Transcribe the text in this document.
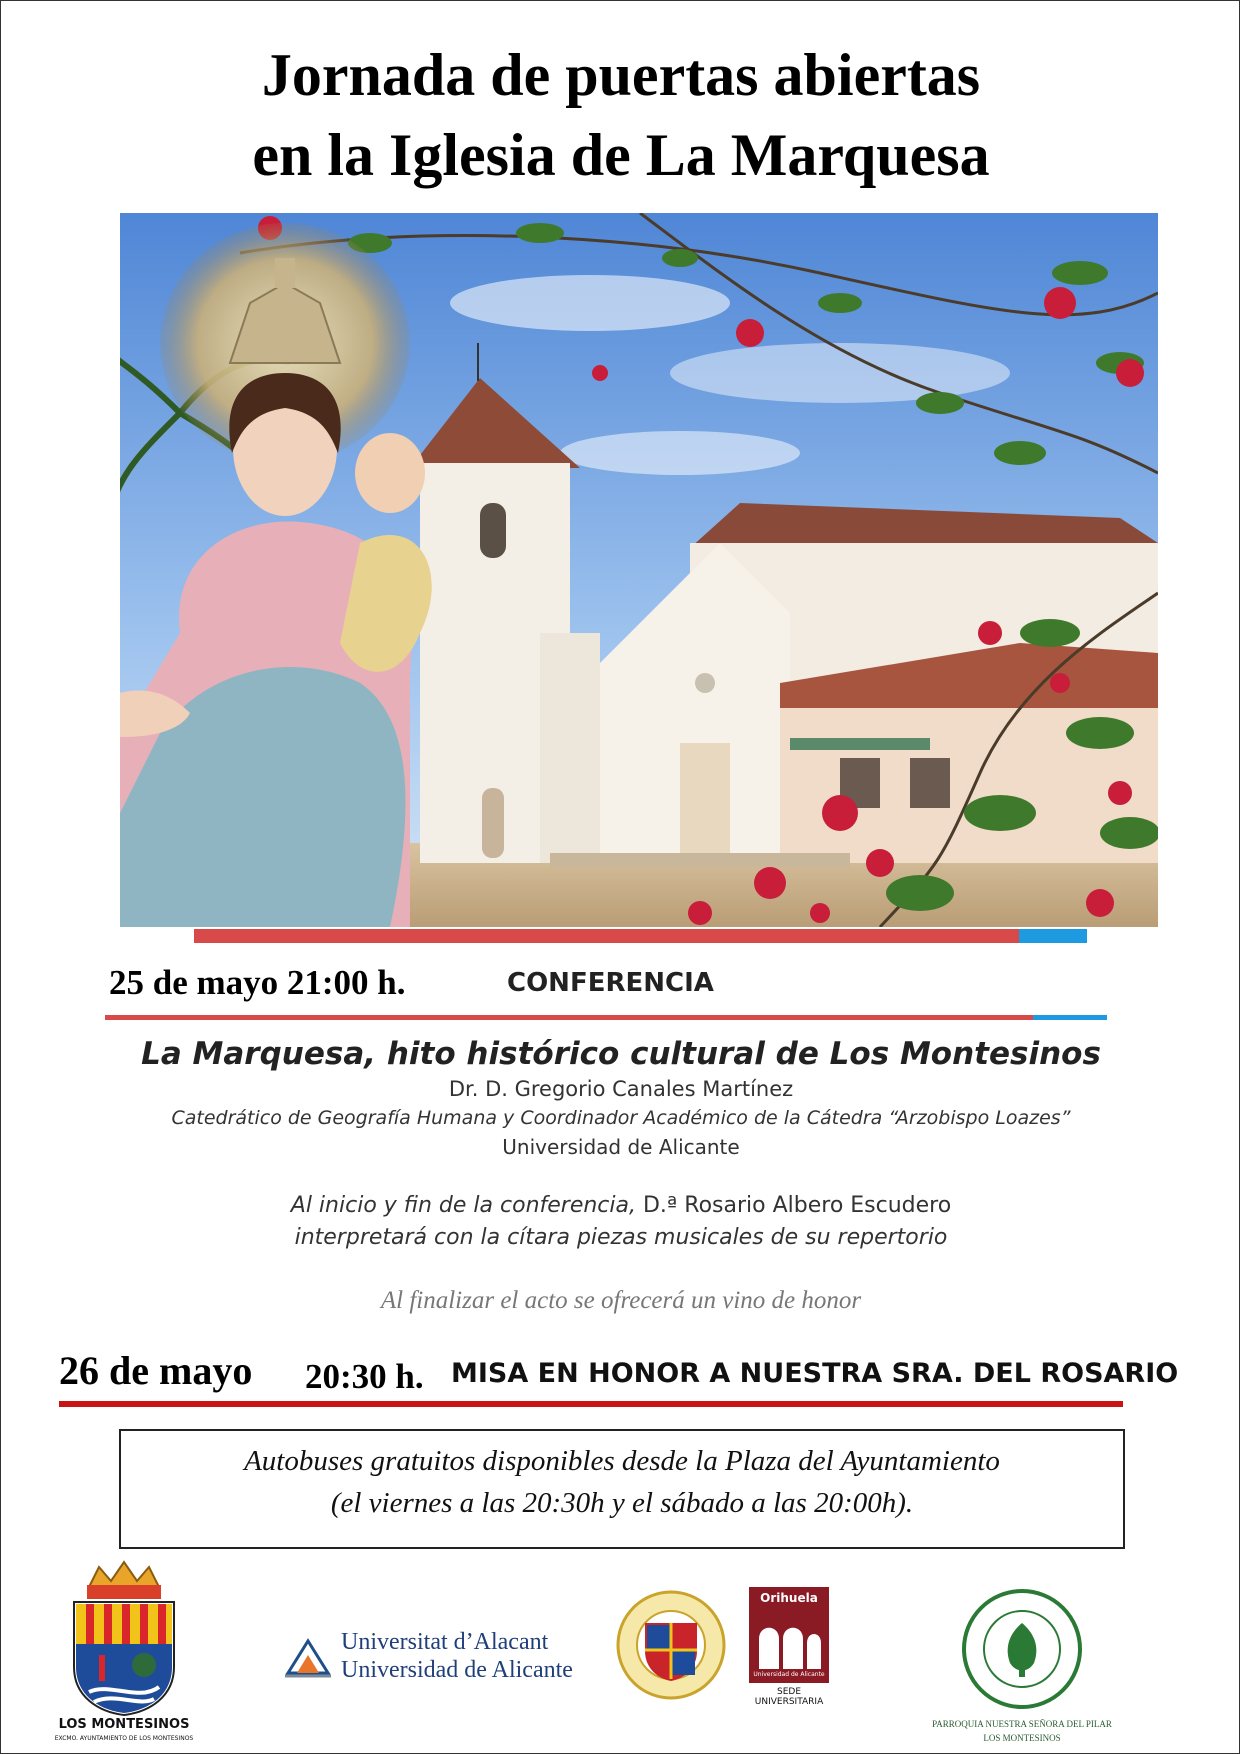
Jornada de puertas abiertas
en la Iglesia de La Marquesa
25 de mayo 21:00 h.	CONFERENCIA
La Marquesa, hito histórico cultural de Los Montesinos
Dr. D. Gregorio Canales Martínez
Catedrático de Geografía Humana y Coordinador Académico de la Cátedra “Arzobispo Loazes”
Universidad de Alicante
Al inicio y fin de la conferencia, D.ª Rosario Albero Escudero
interpretará con la cítara piezas musicales de su repertorio
Al finalizar el acto se ofrecerá un vino de honor
26 de mayo 20:30 h. MISA EN HONOR A NUESTRA SRA. DEL ROSARIO
Autobuses gratuitos disponibles desde la Plaza del Ayuntamiento
(el viernes a las 20:30h y el sábado a las 20:00h).
LOS MONTESINOS
EXCMO. AYUNTAMIENTO DE LOS MONTESINOS
Universitat d’Alacant
Universidad de Alicante
Orihuela
Universidad de Alicante
SEDE UNIVERSITARIA
PARROQUIA NUESTRA SEÑORA DEL PILAR
LOS MONTESINOS
